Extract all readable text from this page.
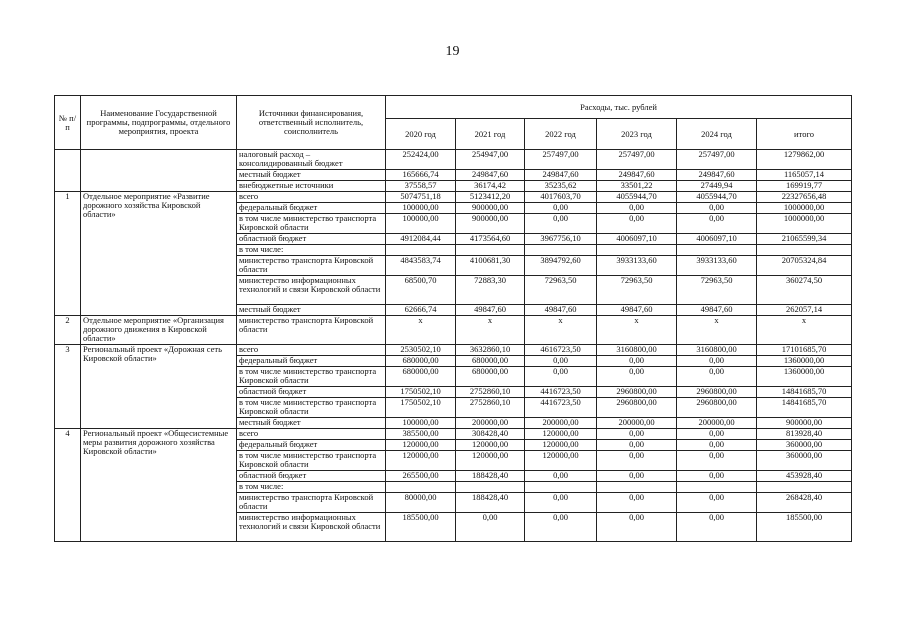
19
№ п/п	Наименование Государственной программы, подпрограммы, отдельного мероприятия, проекта	Источники финансирования, ответственный исполнитель, соисполнитель	Расходы, тыс. рублей					
			2020 год	2021 год	2022 год	2023 год	2024 год	итого
		налоговый расход – консолидированный бюджет	252424,00	254947,00	257497,00	257497,00	257497,00	1279862,00
		местный бюджет	165666,74	249847,60	249847,60	249847,60	249847,60	1165057,14
		внебюджетные источники	37558,57	36174,42	35235,62	33501,22	27449,94	169919,77
1	Отдельное мероприятие «Развитие дорожного хозяйства Кировской области»	всего	5074751,18	5123412,20	4017603,70	4055944,70	4055944,70	22327656,48
		федеральный бюджет	100000,00	900000,00	0,00	0,00	0,00	1000000,00
		в том числе министерство транспорта Кировской области	100000,00	900000,00	0,00	0,00	0,00	1000000,00
		областной бюджет	4912084,44	4173564,60	3967756,10	4006097,10	4006097,10	21065599,34
		в том числе:						
		министерство транспорта Кировской области	4843583,74	4100681,30	3894792,60	3933133,60	3933133,60	20705324,84
		министерство информационных технологий и связи Кировской области	68500,70	72883,30	72963,50	72963,50	72963,50	360274,50
		местный бюджет	62666,74	49847,60	49847,60	49847,60	49847,60	262057,14
2	Отдельное мероприятие «Организация дорожного движения в Кировской области»	министерство транспорта Кировской области	x	x	x	x	x	x
3	Региональный проект «Дорожная сеть Кировской области»	всего	2530502,10	3632860,10	4616723,50	3160800,00	3160800,00	17101685,70
		федеральный бюджет	680000,00	680000,00	0,00	0,00	0,00	1360000,00
		в том числе министерство транспорта Кировской области	680000,00	680000,00	0,00	0,00	0,00	1360000,00
		областной бюджет	1750502,10	2752860,10	4416723,50	2960800,00	2960800,00	14841685,70
		в том числе министерство транспорта Кировской области	1750502,10	2752860,10	4416723,50	2960800,00	2960800,00	14841685,70
		местный бюджет	100000,00	200000,00	200000,00	200000,00	200000,00	900000,00
4	Региональный проект «Общесистемные меры развития дорожного хозяйства Кировской области»	всего	385500,00	308428,40	120000,00	0,00	0,00	813928,40
		федеральный бюджет	120000,00	120000,00	120000,00	0,00	0,00	360000,00
		в том числе министерство транспорта Кировской области	120000,00	120000,00	120000,00	0,00	0,00	360000,00
		областной бюджет	265500,00	188428,40	0,00	0,00	0,00	453928,40
		в том числе:						
		министерство транспорта Кировской области	80000,00	188428,40	0,00	0,00	0,00	268428,40
		министерство информационных технологий и связи Кировской области	185500,00	0,00	0,00	0,00	0,00	185500,00
